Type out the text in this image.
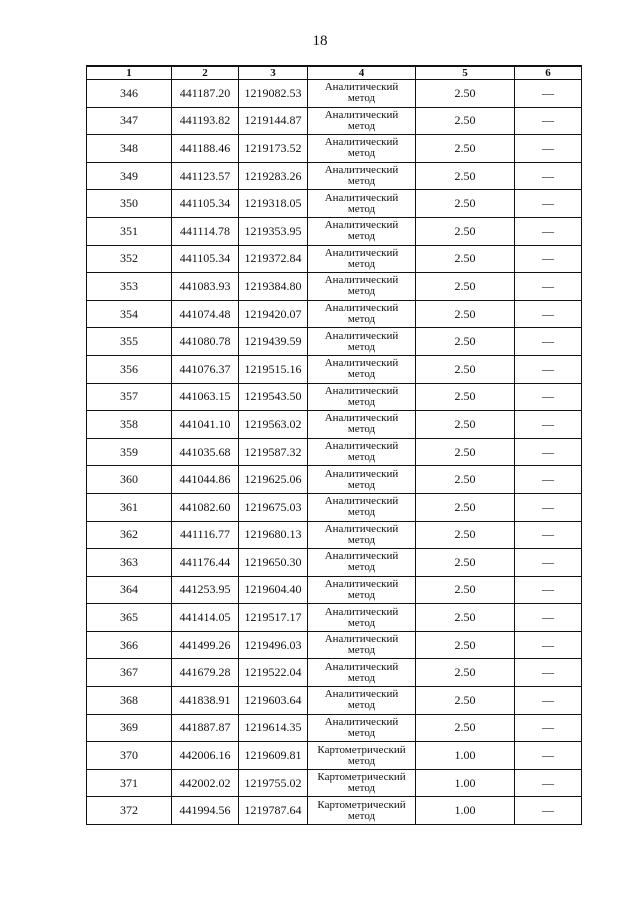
18
1	2	3	4	5	6
346	441187.20	1219082.53	Аналитический
метод	2.50	—
347	441193.82	1219144.87	Аналитический
метод	2.50	—
348	441188.46	1219173.52	Аналитический
метод	2.50	—
349	441123.57	1219283.26	Аналитический
метод	2.50	—
350	441105.34	1219318.05	Аналитический
метод	2.50	—
351	441114.78	1219353.95	Аналитический
метод	2.50	—
352	441105.34	1219372.84	Аналитический
метод	2.50	—
353	441083.93	1219384.80	Аналитический
метод	2.50	—
354	441074.48	1219420.07	Аналитический
метод	2.50	—
355	441080.78	1219439.59	Аналитический
метод	2.50	—
356	441076.37	1219515.16	Аналитический
метод	2.50	—
357	441063.15	1219543.50	Аналитический
метод	2.50	—
358	441041.10	1219563.02	Аналитический
метод	2.50	—
359	441035.68	1219587.32	Аналитический
метод	2.50	—
360	441044.86	1219625.06	Аналитический
метод	2.50	—
361	441082.60	1219675.03	Аналитический
метод	2.50	—
362	441116.77	1219680.13	Аналитический
метод	2.50	—
363	441176.44	1219650.30	Аналитический
метод	2.50	—
364	441253.95	1219604.40	Аналитический
метод	2.50	—
365	441414.05	1219517.17	Аналитический
метод	2.50	—
366	441499.26	1219496.03	Аналитический
метод	2.50	—
367	441679.28	1219522.04	Аналитический
метод	2.50	—
368	441838.91	1219603.64	Аналитический
метод	2.50	—
369	441887.87	1219614.35	Аналитический
метод	2.50	—
370	442006.16	1219609.81	Картометрический
метод	1.00	—
371	442002.02	1219755.02	Картометрический
метод	1.00	—
372	441994.56	1219787.64	Картометрический
метод	1.00	—
